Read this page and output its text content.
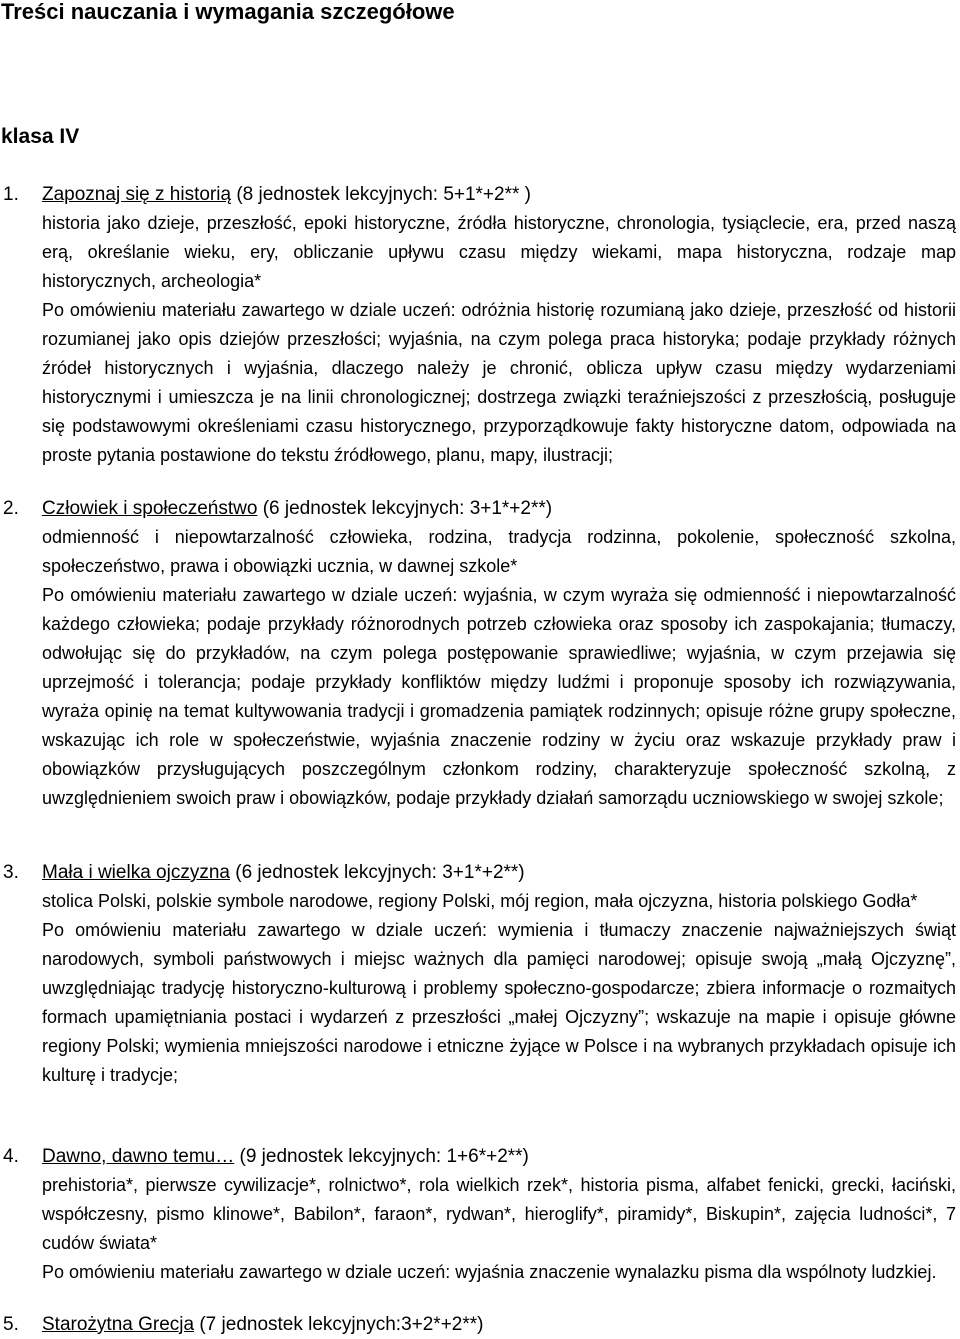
Treści nauczania i wymagania szczegółowe
klasa IV
1. Zapoznaj się z historią (8 jednostek lekcyjnych: 5+1*+2** )

historia jako dzieje, przeszłość, epoki historyczne, źródła historyczne, chronologia, tysiąclecie, era, przed naszą erą, określanie wieku, ery, obliczanie upływu czasu między wiekami, mapa historyczna, rodzaje map historycznych, archeologia*

Po omówieniu materiału zawartego w dziale uczeń: odróżnia historię rozumianą jako dzieje, przeszłość od historii rozumianej jako opis dziejów przeszłości; wyjaśnia, na czym polega praca historyka; podaje przykłady różnych źródeł historycznych i wyjaśnia, dlaczego należy je chronić, oblicza upływ czasu między wydarzeniami historycznymi i umieszcza je na linii chronologicznej; dostrzega związki teraźniejszości z przeszłością, posługuje się podstawowymi określeniami czasu historycznego, przyporządkowuje fakty historyczne datom, odpowiada na proste pytania postawione do tekstu źródłowego, planu, mapy, ilustracji;

2. Człowiek i społeczeństwo (6 jednostek lekcyjnych: 3+1*+2**)

odmienność i niepowtarzalność człowieka, rodzina, tradycja rodzinna, pokolenie, społeczność szkolna, społeczeństwo, prawa i obowiązki ucznia, w dawnej szkole*

Po omówieniu materiału zawartego w dziale uczeń: wyjaśnia, w czym wyraża się odmienność i niepowtarzalność każdego człowieka; podaje przykłady różnorodnych potrzeb człowieka oraz sposoby ich zaspokajania; tłumaczy, odwołując się do przykładów, na czym polega postępowanie sprawiedliwe; wyjaśnia, w czym przejawia się uprzejmość i tolerancja; podaje przykłady konfliktów między ludźmi i proponuje sposoby ich rozwiązywania, wyraża opinię na temat kultywowania tradycji i gromadzenia pamiątek rodzinnych; opisuje różne grupy społeczne, wskazując ich role w społeczeństwie, wyjaśnia znaczenie rodziny w życiu oraz wskazuje przykłady praw i obowiązków przysługujących poszczególnym członkom rodziny, charakteryzuje społeczność szkolną, z uwzględnieniem swoich praw i obowiązków, podaje przykłady działań samorządu uczniowskiego w swojej szkole;

3. Mała i wielka ojczyzna (6 jednostek lekcyjnych: 3+1*+2**)

stolica Polski, polskie symbole narodowe, regiony Polski, mój region, mała ojczyzna, historia polskiego Godła*

Po omówieniu materiału zawartego w dziale uczeń: wymienia i tłumaczy znaczenie najważniejszych świąt narodowych, symboli państwowych i miejsc ważnych dla pamięci narodowej; opisuje swoją „małą Ojczyznę”, uwzględniając tradycję historyczno-kulturową i problemy społeczno-gospodarcze; zbiera informacje o rozmaitych formach upamiętniania postaci i wydarzeń z przeszłości „małej Ojczyzny”; wskazuje na mapie i opisuje główne regiony Polski; wymienia mniejszości narodowe i etniczne żyjące w Polsce i na wybranych przykładach opisuje ich kulturę i tradycje;

4. Dawno, dawno temu… (9 jednostek lekcyjnych: 1+6*+2**)

prehistoria*, pierwsze cywilizacje*, rolnictwo*, rola wielkich rzek*, historia pisma, alfabet fenicki, grecki, łaciński, współczesny, pismo klinowe*, Babilon*, faraon*, rydwan*, hieroglify*, piramidy*, Biskupin*, zajęcia ludności*, 7 cudów świata*

Po omówieniu materiału zawartego w dziale uczeń: wyjaśnia znaczenie wynalazku pisma dla wspólnoty ludzkiej.

5. Starożytna Grecja (7 jednostek lekcyjnych:3+2*+2**)
